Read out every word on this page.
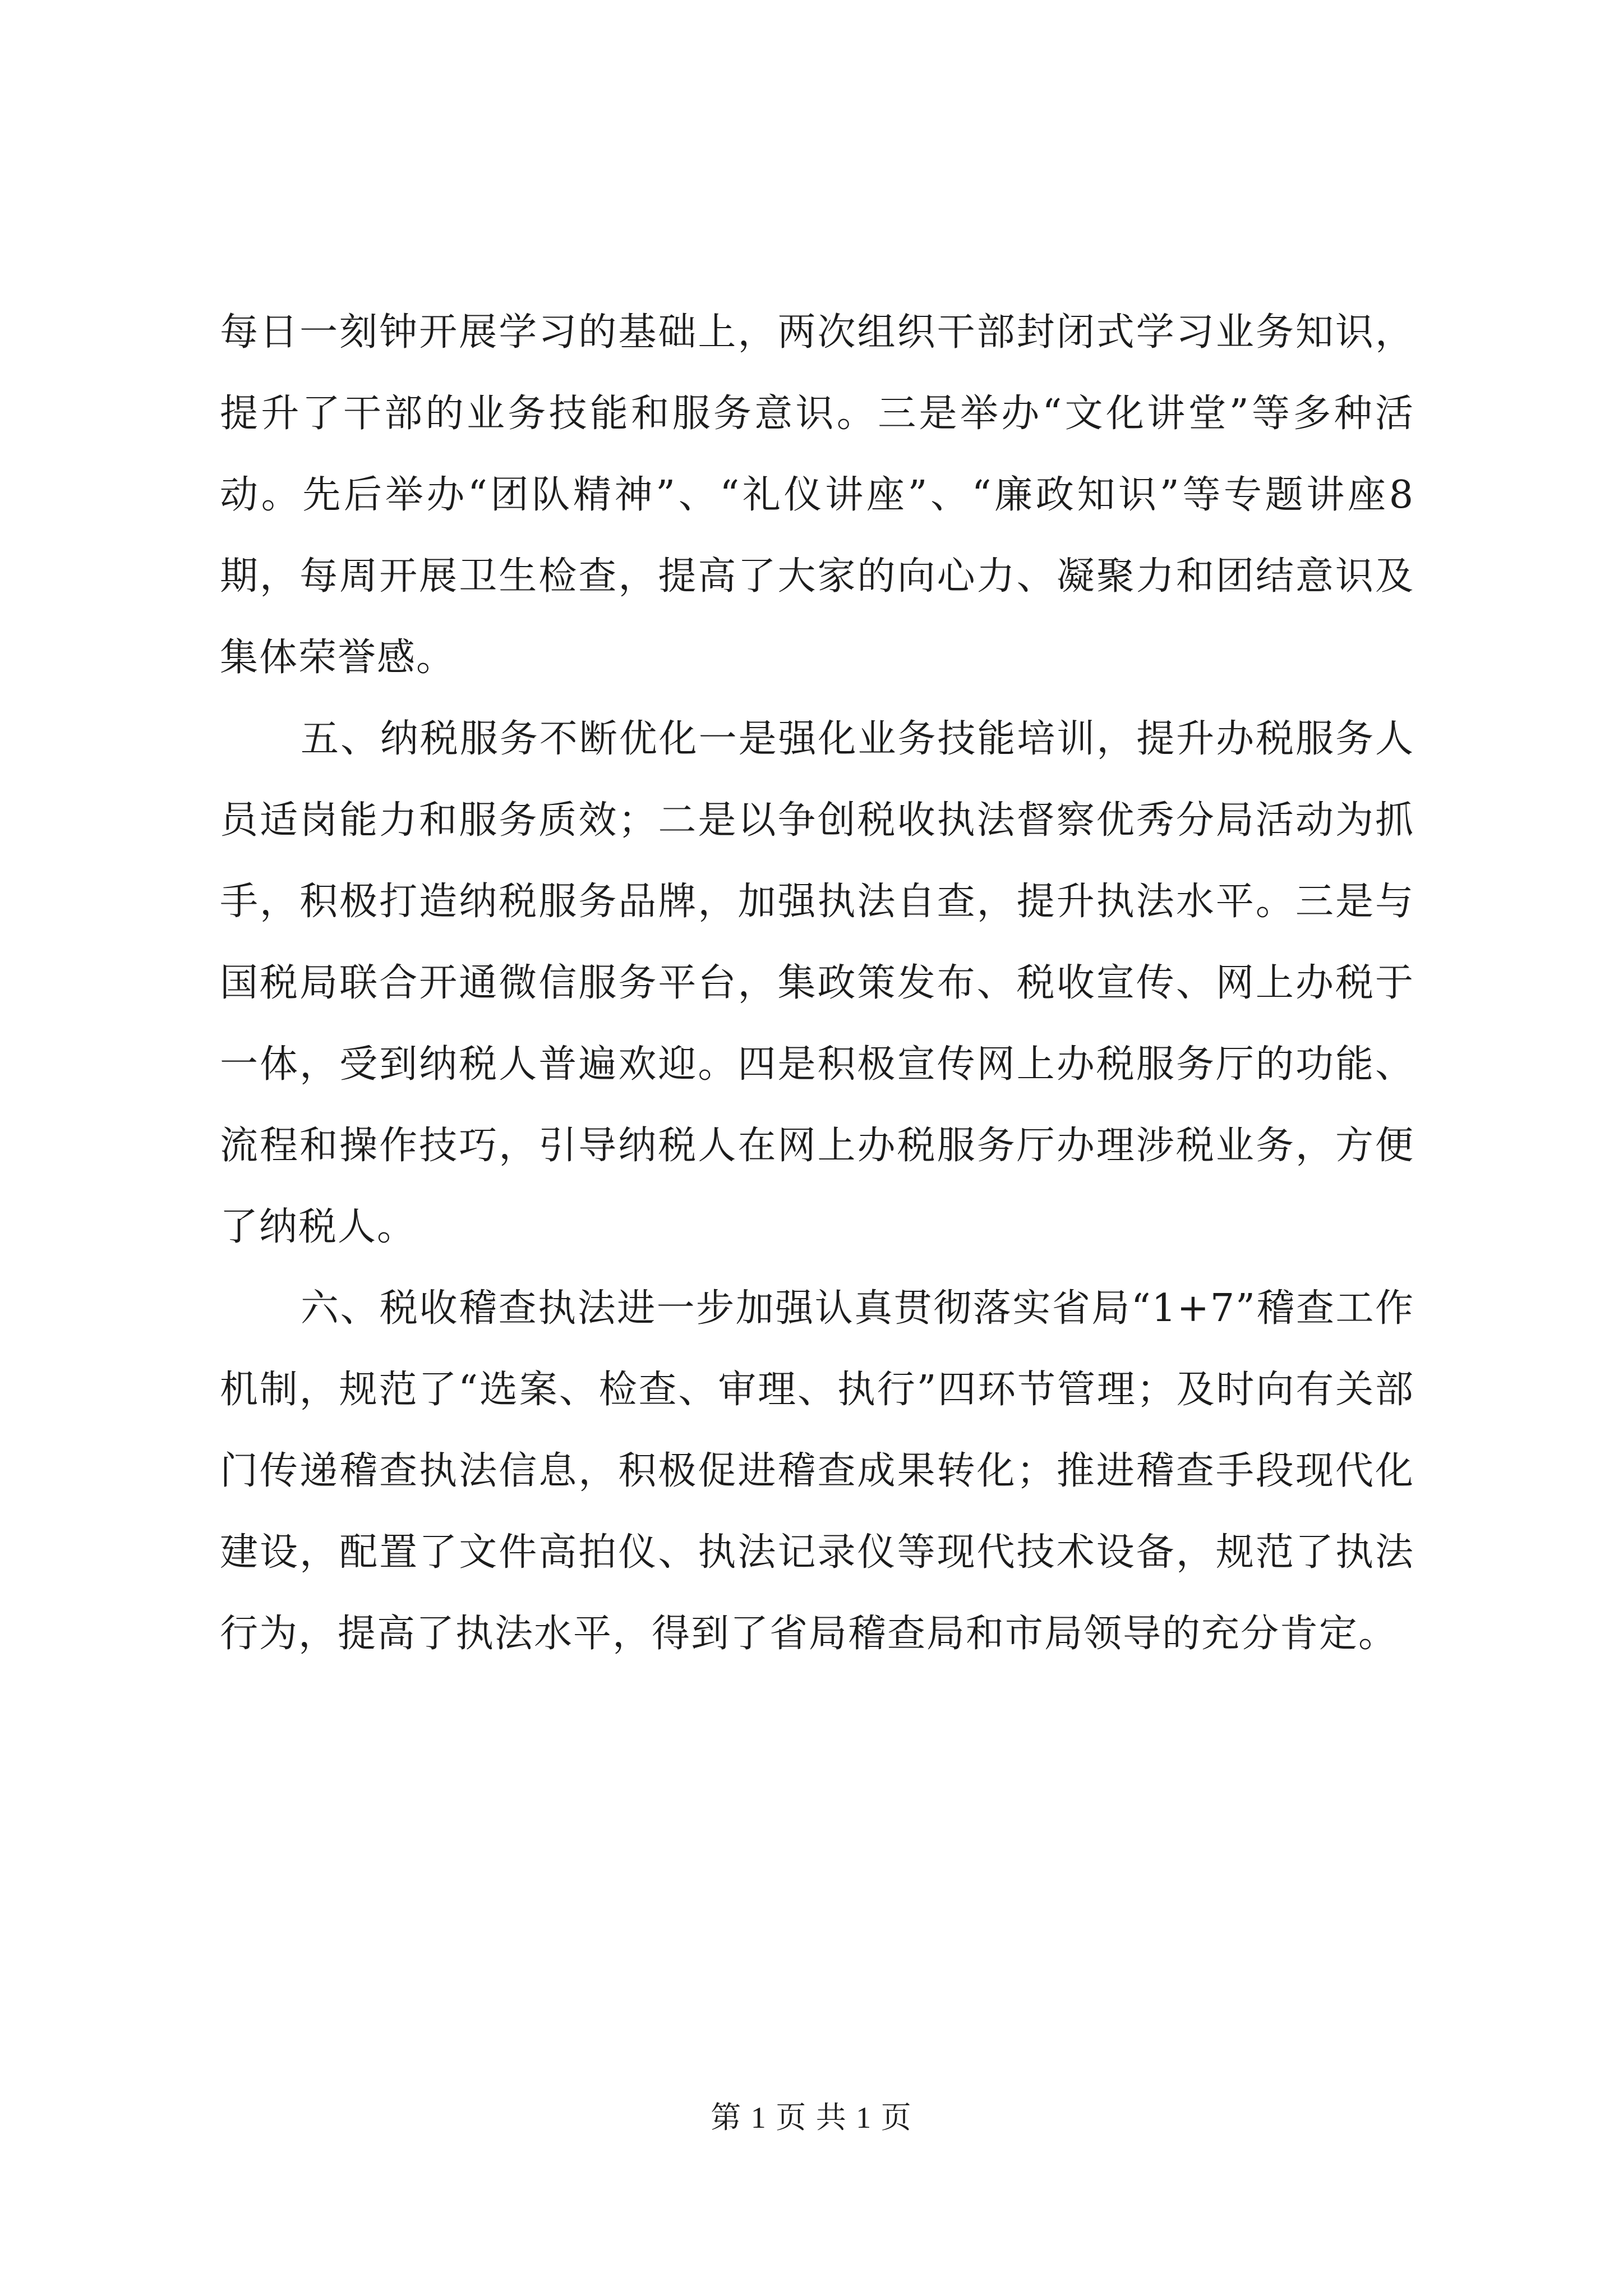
每日一刻钟开展学习的基础上，两次组织干部封闭式学习业务知识，提升了干部的业务技能和服务意识。三是举办“文化讲堂”等多种活动。先后举办“团队精神”、“礼仪讲座”、“廉政知识”等专题讲座8期，每周开展卫生检查，提高了大家的向心力、凝聚力和团结意识及集体荣誉感。

五、纳税服务不断优化一是强化业务技能培训，提升办税服务人员适岗能力和服务质效；二是以争创税收执法督察优秀分局活动为抓手，积极打造纳税服务品牌，加强执法自查，提升执法水平。三是与国税局联合开通微信服务平台，集政策发布、税收宣传、网上办税于一体，受到纳税人普遍欢迎。四是积极宣传网上办税服务厅的功能、流程和操作技巧，引导纳税人在网上办税服务厅办理涉税业务，方便了纳税人。

六、税收稽查执法进一步加强认真贯彻落实省局“1+7”稽查工作机制，规范了“选案、检查、审理、执行”四环节管理；及时向有关部门传递稽查执法信息，积极促进稽查成果转化；推进稽查手段现代化建设，配置了文件高拍仪、执法记录仪等现代技术设备，规范了执法行为，提高了执法水平，得到了省局稽查局和市局领导的充分肯定。

第 1 页 共 1 页
